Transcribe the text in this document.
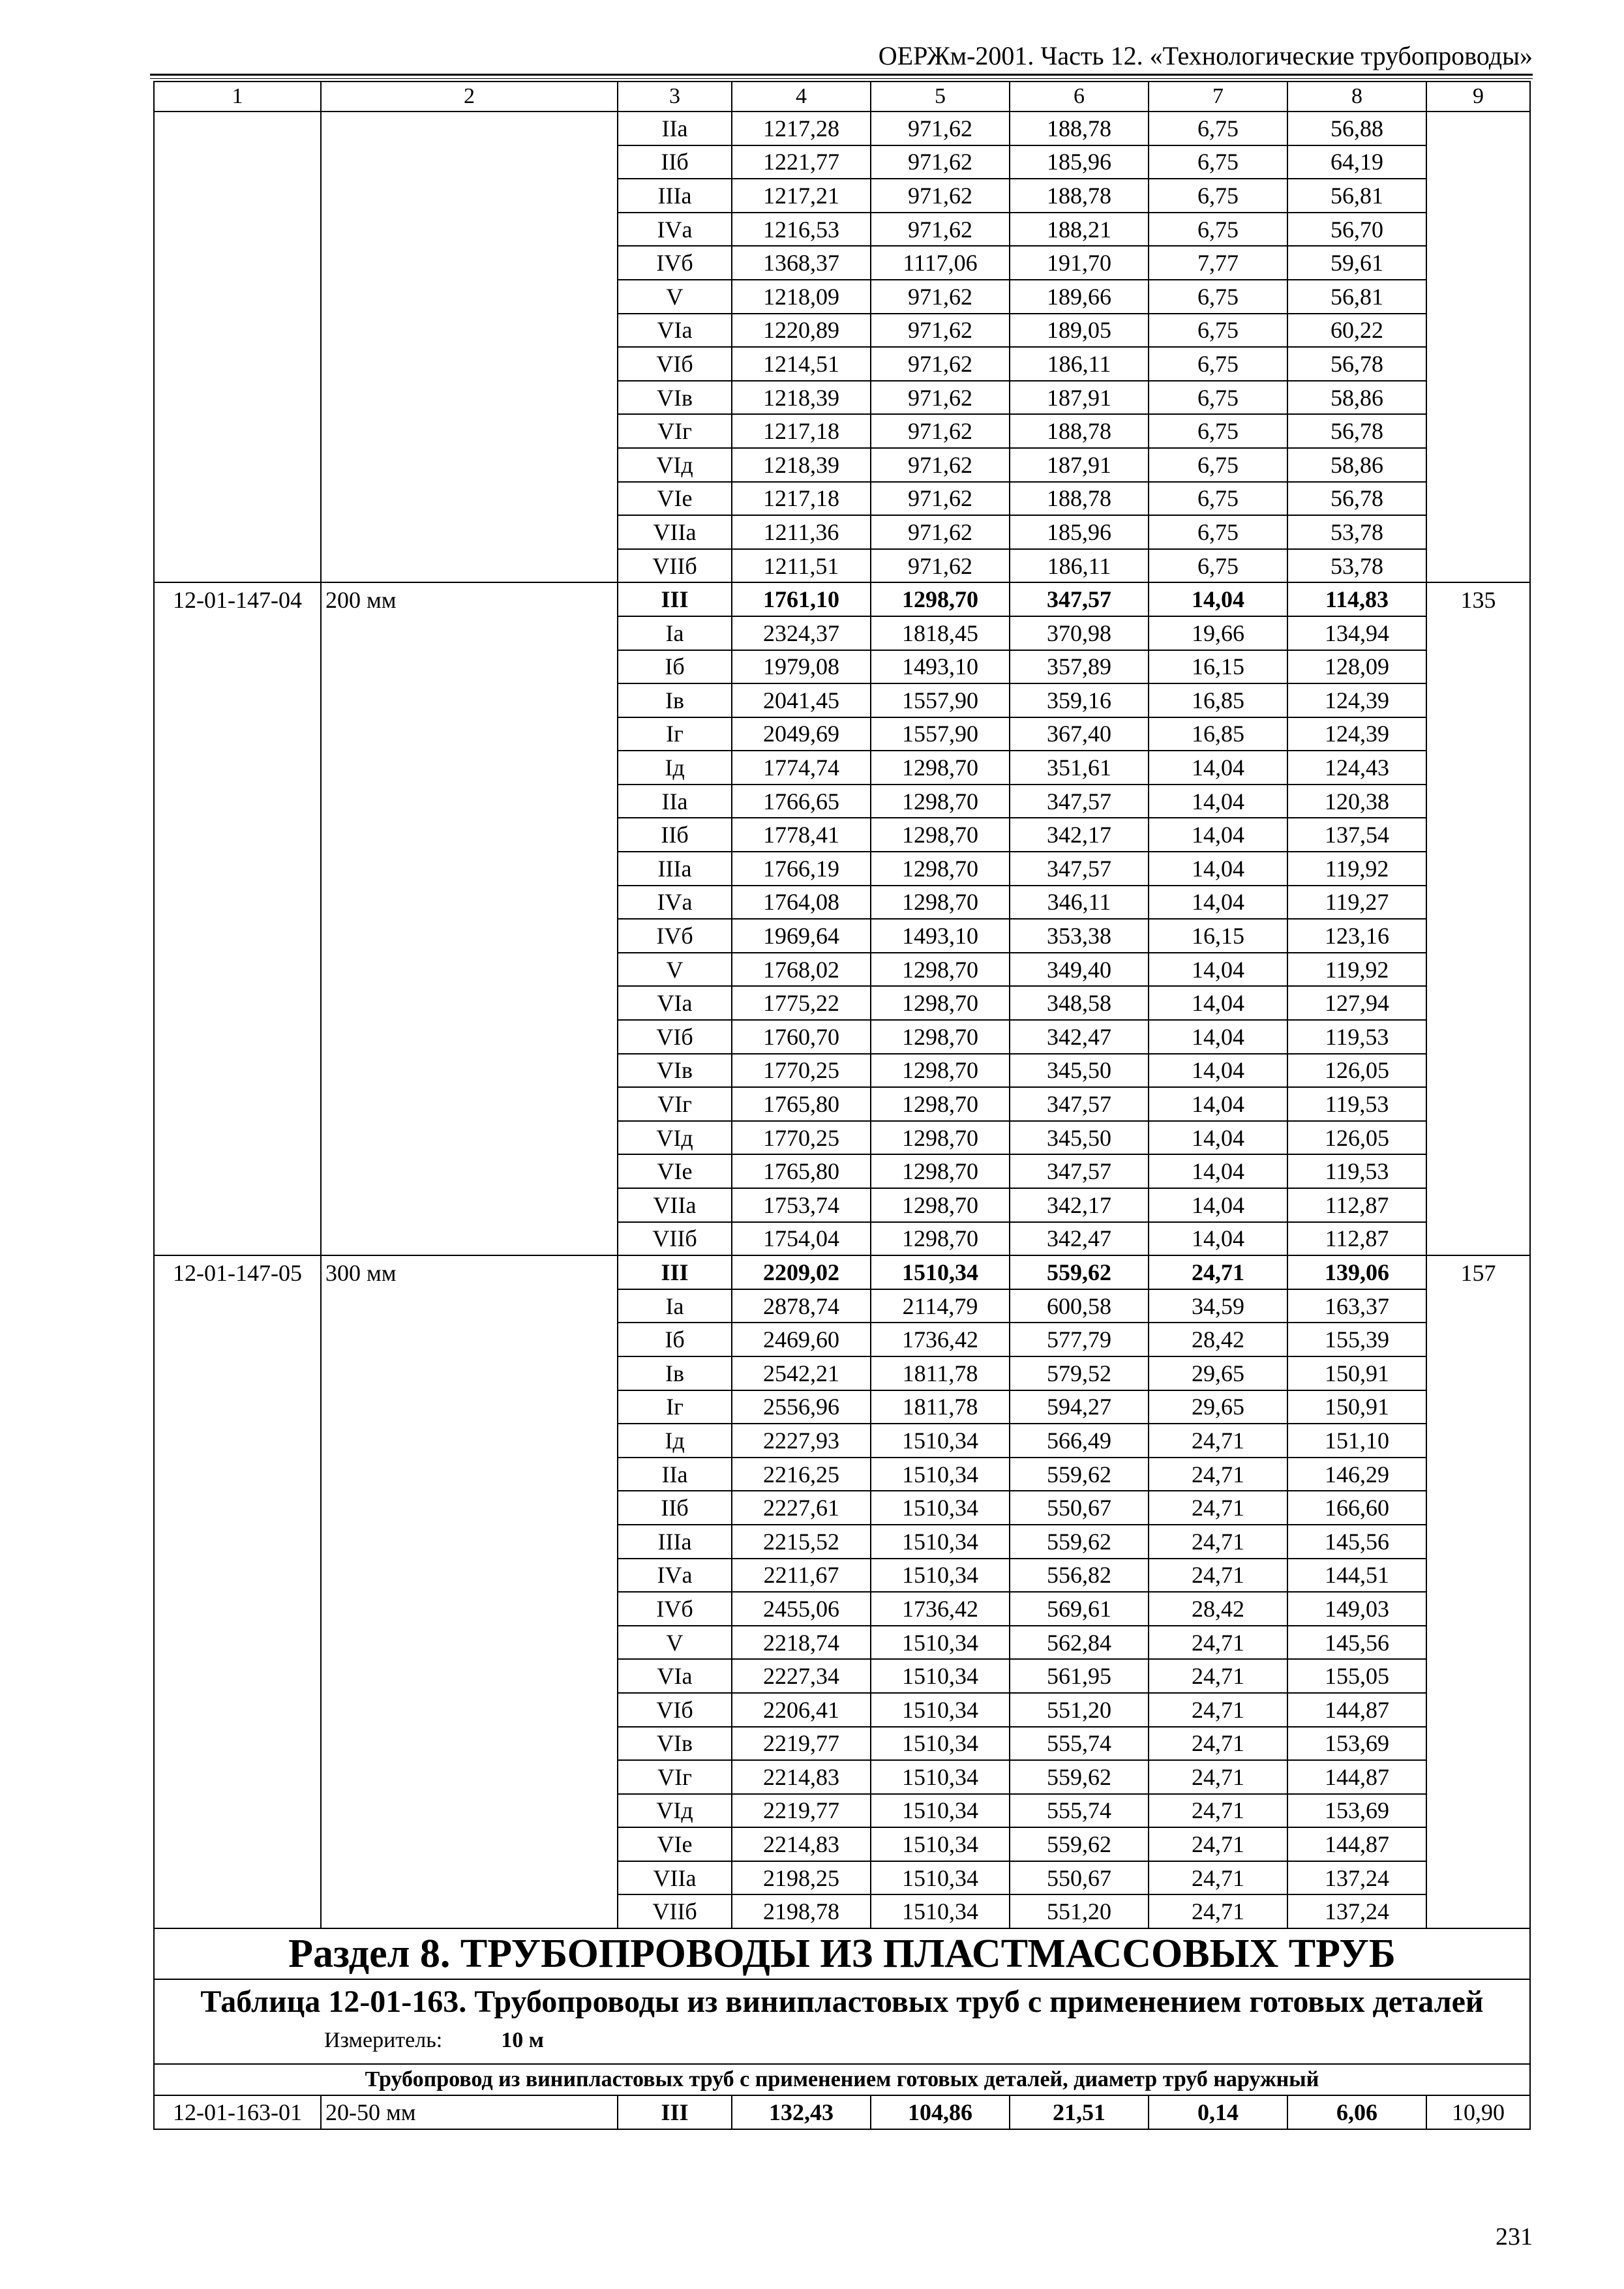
ОЕРЖм-2001. Часть 12. «Технологические трубопроводы»
1	2	3	4	5	6	7	8	9
		IIа	1217,28	971,62	188,78	6,75	56,88	
		IIб	1221,77	971,62	185,96	6,75	64,19	
		IIIа	1217,21	971,62	188,78	6,75	56,81	
		IVа	1216,53	971,62	188,21	6,75	56,70	
		IVб	1368,37	1117,06	191,70	7,77	59,61	
		V	1218,09	971,62	189,66	6,75	56,81	
		VIа	1220,89	971,62	189,05	6,75	60,22	
		VIб	1214,51	971,62	186,11	6,75	56,78	
		VIв	1218,39	971,62	187,91	6,75	58,86	
		VIг	1217,18	971,62	188,78	6,75	56,78	
		VIд	1218,39	971,62	187,91	6,75	58,86	
		VIе	1217,18	971,62	188,78	6,75	56,78	
		VIIа	1211,36	971,62	185,96	6,75	53,78	
		VIIб	1211,51	971,62	186,11	6,75	53,78	
12-01-147-04	200 мм	III	1761,10	1298,70	347,57	14,04	114,83	135
		Iа	2324,37	1818,45	370,98	19,66	134,94	
		Iб	1979,08	1493,10	357,89	16,15	128,09	
		Iв	2041,45	1557,90	359,16	16,85	124,39	
		Iг	2049,69	1557,90	367,40	16,85	124,39	
		Iд	1774,74	1298,70	351,61	14,04	124,43	
		IIа	1766,65	1298,70	347,57	14,04	120,38	
		IIб	1778,41	1298,70	342,17	14,04	137,54	
		IIIа	1766,19	1298,70	347,57	14,04	119,92	
		IVа	1764,08	1298,70	346,11	14,04	119,27	
		IVб	1969,64	1493,10	353,38	16,15	123,16	
		V	1768,02	1298,70	349,40	14,04	119,92	
		VIа	1775,22	1298,70	348,58	14,04	127,94	
		VIб	1760,70	1298,70	342,47	14,04	119,53	
		VIв	1770,25	1298,70	345,50	14,04	126,05	
		VIг	1765,80	1298,70	347,57	14,04	119,53	
		VIд	1770,25	1298,70	345,50	14,04	126,05	
		VIе	1765,80	1298,70	347,57	14,04	119,53	
		VIIа	1753,74	1298,70	342,17	14,04	112,87	
		VIIб	1754,04	1298,70	342,47	14,04	112,87	
12-01-147-05	300 мм	III	2209,02	1510,34	559,62	24,71	139,06	157
		Iа	2878,74	2114,79	600,58	34,59	163,37	
		Iб	2469,60	1736,42	577,79	28,42	155,39	
		Iв	2542,21	1811,78	579,52	29,65	150,91	
		Iг	2556,96	1811,78	594,27	29,65	150,91	
		Iд	2227,93	1510,34	566,49	24,71	151,10	
		IIа	2216,25	1510,34	559,62	24,71	146,29	
		IIб	2227,61	1510,34	550,67	24,71	166,60	
		IIIа	2215,52	1510,34	559,62	24,71	145,56	
		IVа	2211,67	1510,34	556,82	24,71	144,51	
		IVб	2455,06	1736,42	569,61	28,42	149,03	
		V	2218,74	1510,34	562,84	24,71	145,56	
		VIа	2227,34	1510,34	561,95	24,71	155,05	
		VIб	2206,41	1510,34	551,20	24,71	144,87	
		VIв	2219,77	1510,34	555,74	24,71	153,69	
		VIг	2214,83	1510,34	559,62	24,71	144,87	
		VIд	2219,77	1510,34	555,74	24,71	153,69	
		VIе	2214,83	1510,34	559,62	24,71	144,87	
		VIIа	2198,25	1510,34	550,67	24,71	137,24	
		VIIб	2198,78	1510,34	551,20	24,71	137,24	
Раздел 8. ТРУБОПРОВОДЫ ИЗ ПЛАСТМАССОВЫХ ТРУБ								
Таблица 12-01-163. Трубопроводы из винипластовых труб с применением готовых деталей
Измеритель: 10 м								

Трубопровод из винипластовых труб с применением готовых деталей, диаметр труб наружный								
12-01-163-01	20-50 мм	III	132,43	104,86	21,51	0,14	6,06	10,90
231
